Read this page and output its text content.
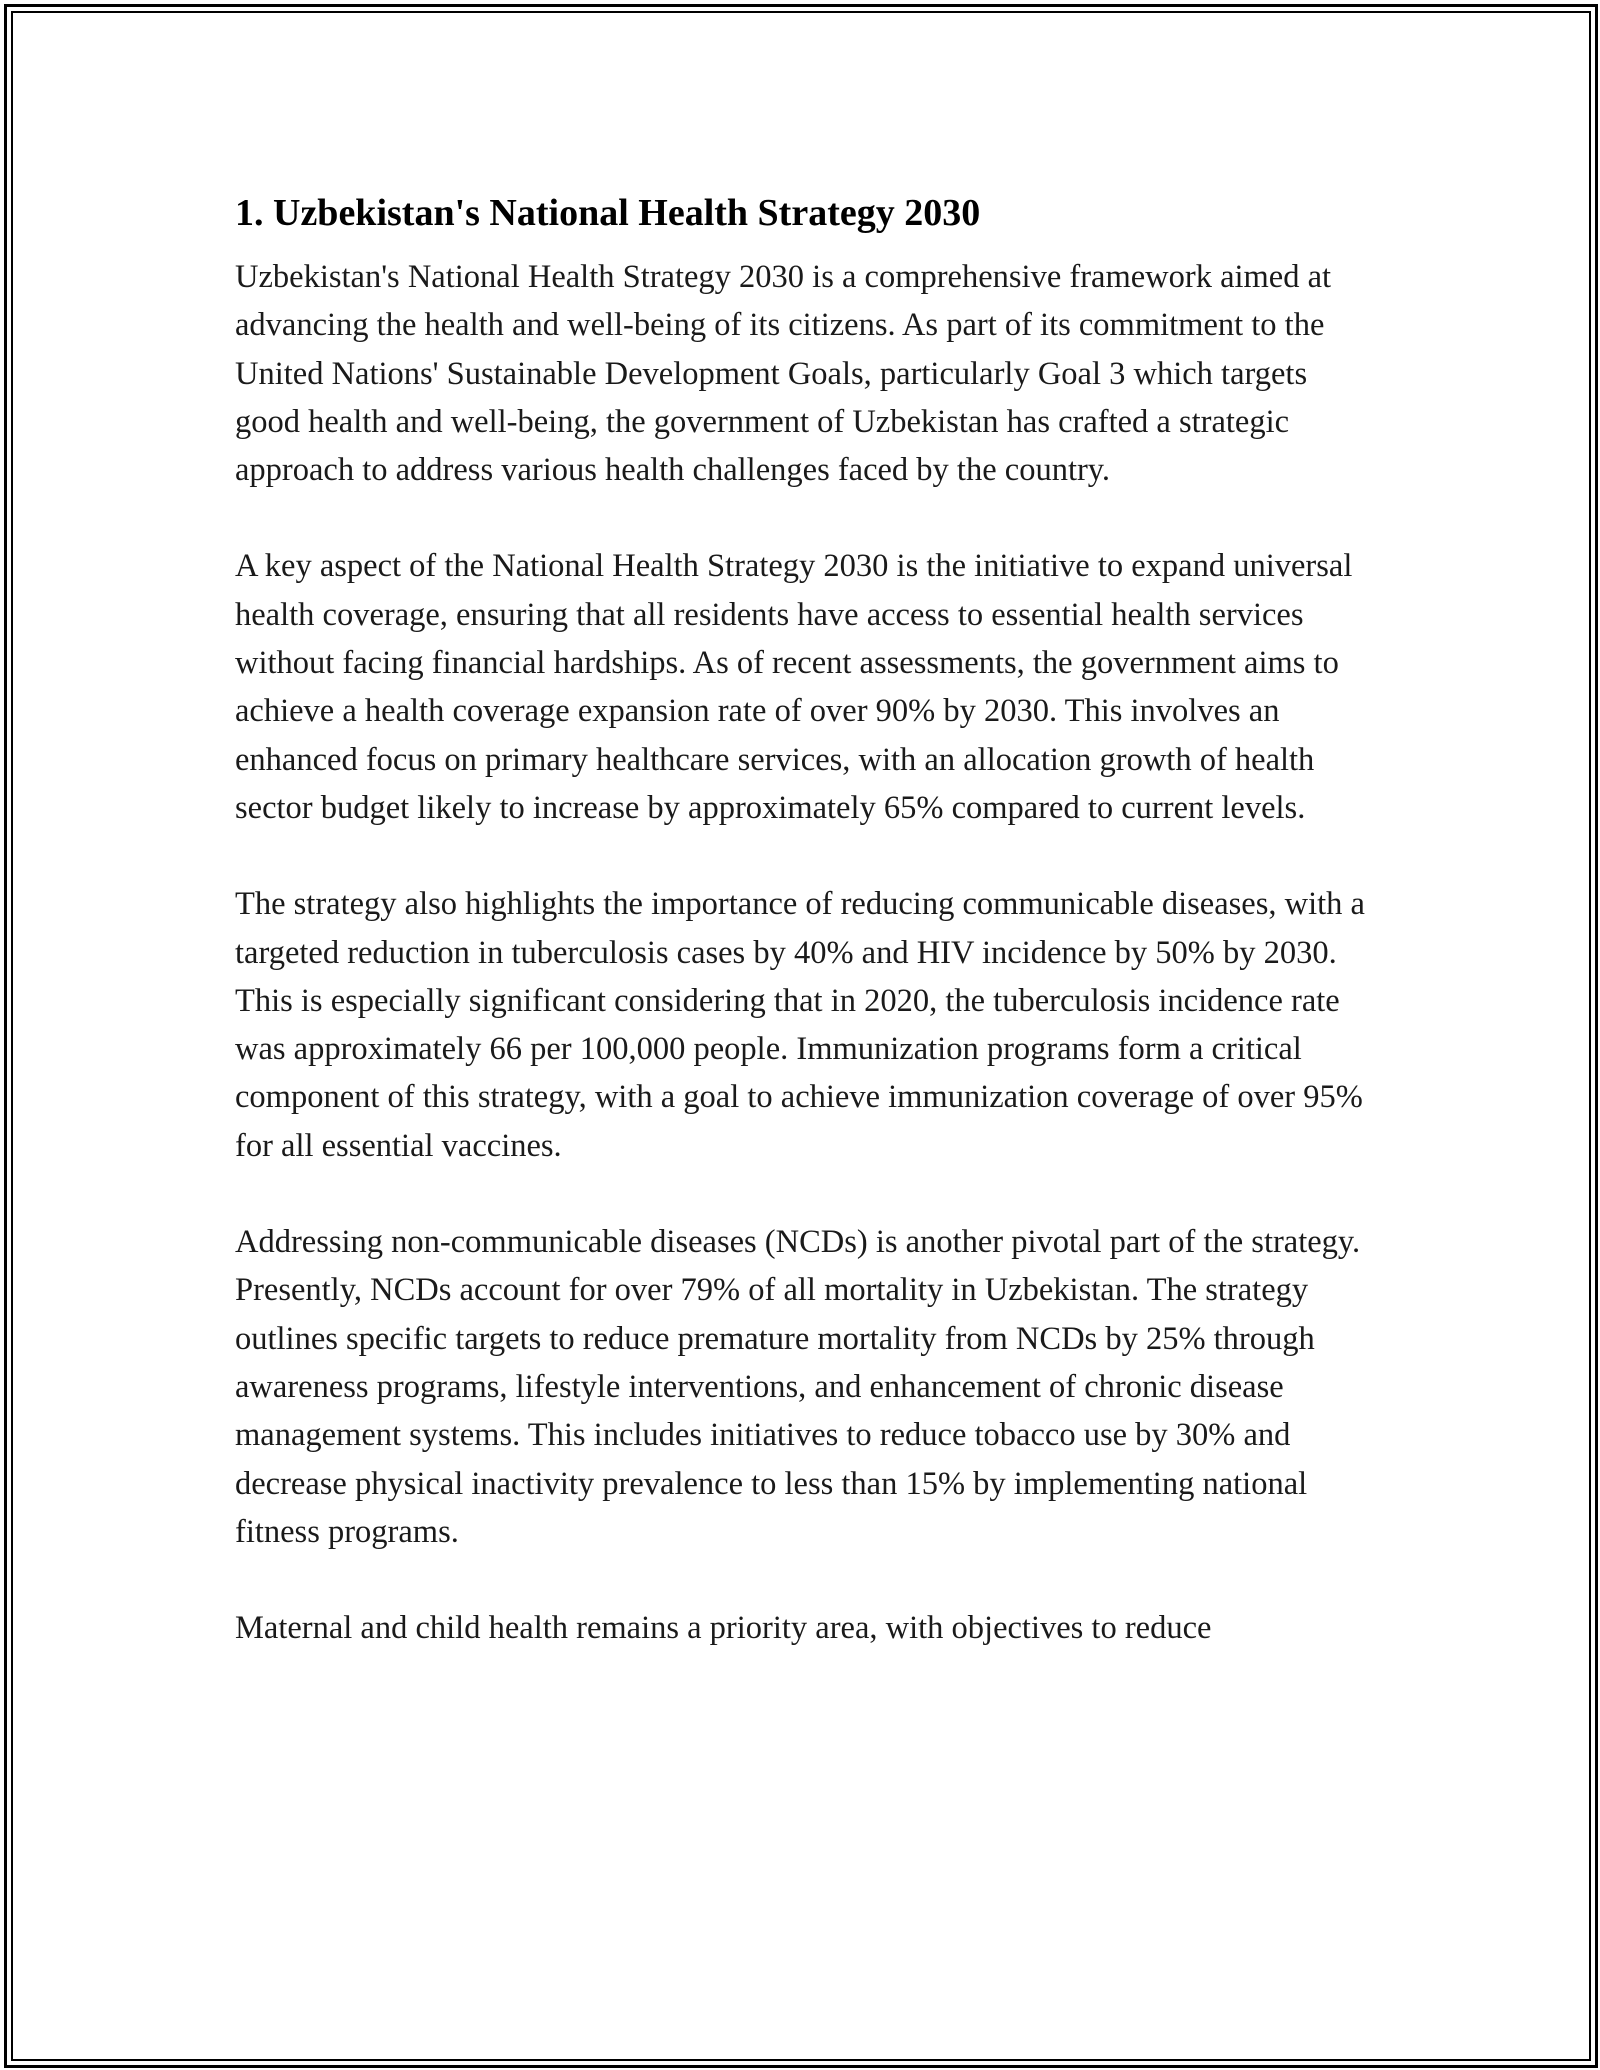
1. Uzbekistan's National Health Strategy 2030

Uzbekistan's National Health Strategy 2030 is a comprehensive framework aimed at advancing the health and well-being of its citizens. As part of its commitment to the United Nations' Sustainable Development Goals, particularly Goal 3 which targets good health and well-being, the government of Uzbekistan has crafted a strategic approach to address various health challenges faced by the country.

A key aspect of the National Health Strategy 2030 is the initiative to expand universal health coverage, ensuring that all residents have access to essential health services without facing financial hardships. As of recent assessments, the government aims to achieve a health coverage expansion rate of over 90% by 2030. This involves an enhanced focus on primary healthcare services, with an allocation growth of health sector budget likely to increase by approximately 65% compared to current levels.

The strategy also highlights the importance of reducing communicable diseases, with a targeted reduction in tuberculosis cases by 40% and HIV incidence by 50% by 2030. This is especially significant considering that in 2020, the tuberculosis incidence rate was approximately 66 per 100,000 people. Immunization programs form a critical component of this strategy, with a goal to achieve immunization coverage of over 95% for all essential vaccines.

Addressing non-communicable diseases (NCDs) is another pivotal part of the strategy. Presently, NCDs account for over 79% of all mortality in Uzbekistan. The strategy outlines specific targets to reduce premature mortality from NCDs by 25% through awareness programs, lifestyle interventions, and enhancement of chronic disease management systems. This includes initiatives to reduce tobacco use by 30% and decrease physical inactivity prevalence to less than 15% by implementing national fitness programs.

Maternal and child health remains a priority area, with objectives to reduce
